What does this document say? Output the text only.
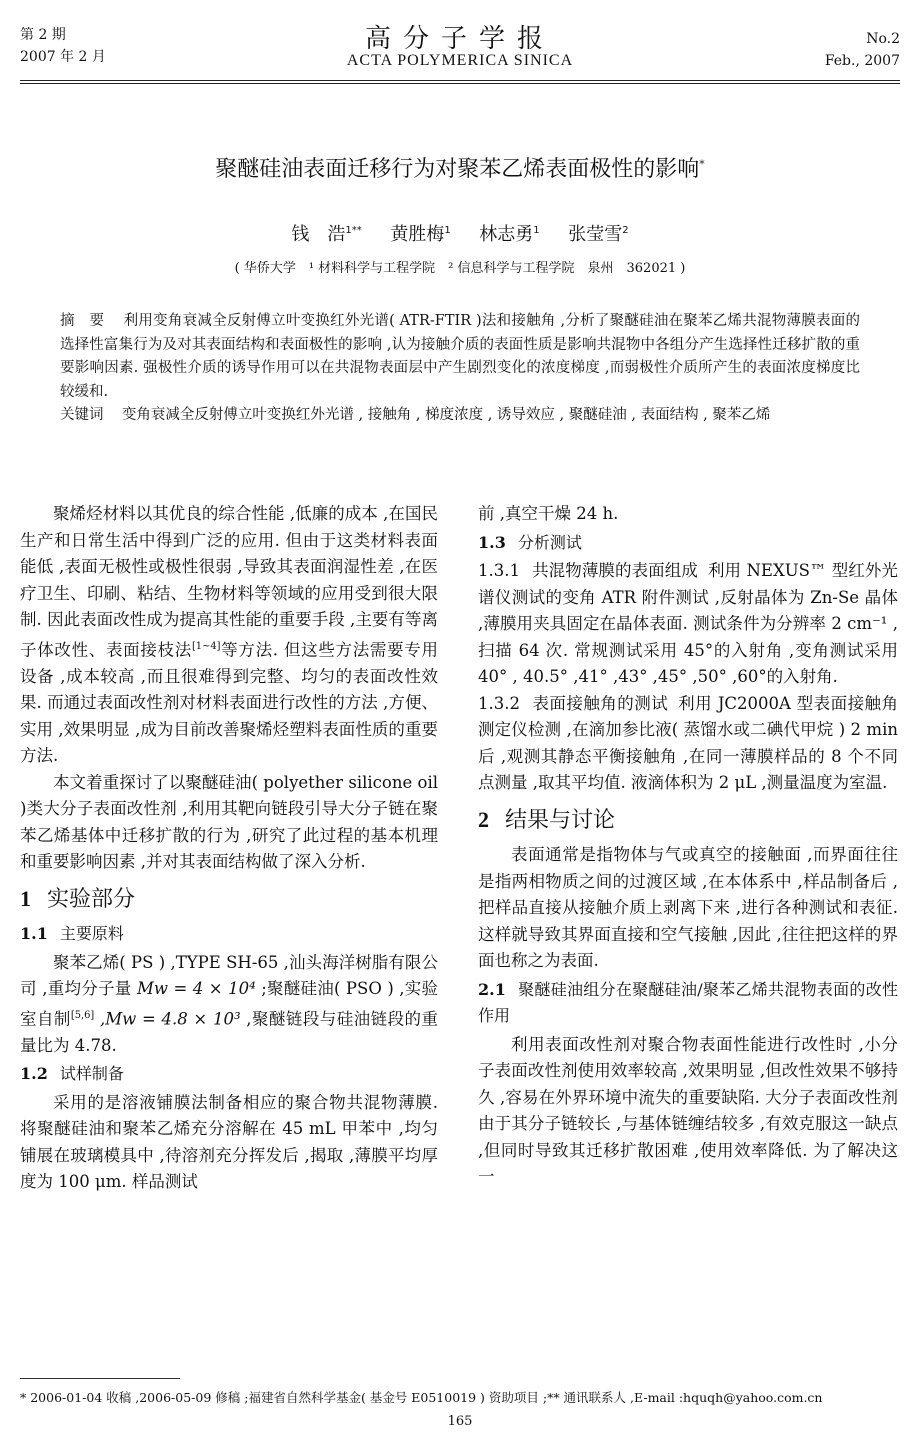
第 2 期
2007 年 2 月
高分子学报
ACTA POLYMERICA SINICA
No.2
Feb., 2007
聚醚硅油表面迁移行为对聚苯乙烯表面极性的影响*
钱　浩$^{1**}$ 黄胜梅$^1$ 林志勇$^1$ 张莹雪$^2$
( 华侨大学　¹ 材料科学与工程学院　² 信息科学与工程学院　泉州　362021 )
摘　要 利用变角衰减全反射傅立叶变换红外光谱( ATR-FTIR )法和接触角 ,分析了聚醚硅油在聚苯乙烯共混物薄膜表面的选择性富集行为及对其表面结构和表面极性的影响 ,认为接触介质的表面性质是影响共混物中各组分产生选择性迁移扩散的重要影响因素. 强极性介质的诱导作用可以在共混物表面层中产生剧烈变化的浓度梯度 ,而弱极性介质所产生的表面浓度梯度比较缓和.
关键词 变角衰减全反射傅立叶变换红外光谱 , 接触角 , 梯度浓度 , 诱导效应 , 聚醚硅油 , 表面结构 , 聚苯乙烯

聚烯烃材料以其优良的综合性能 ,低廉的成本 ,在国民生产和日常生活中得到广泛的应用. 但由于这类材料表面能低 ,表面无极性或极性很弱 ,导致其表面润湿性差 ,在医疗卫生、印刷、粘结、生物材料等领域的应用受到很大限制. 因此表面改性成为提高其性能的重要手段 ,主要有等离子体改性、表面接枝法[1~4]等方法. 但这些方法需要专用设备 ,成本较高 ,而且很难得到完整、均匀的表面改性效果. 而通过表面改性剂对材料表面进行改性的方法 ,方便、实用 ,效果明显 ,成为目前改善聚烯烃塑料表面性质的重要方法.

本文着重探讨了以聚醚硅油( polyether silicone oil )类大分子表面改性剂 ,利用其靶向链段引导大分子链在聚苯乙烯基体中迁移扩散的行为 ,研究了此过程的基本机理和重要影响因素 ,并对其表面结构做了深入分析.

1 实验部分
1.1 主要原料

聚苯乙烯( PS ) ,TYPE SH-65 ,汕头海洋树脂有限公司 ,重均分子量 Mw = 4 × 10⁴ ;聚醚硅油( PSO ) ,实验室自制[5,6] ,Mw = 4.8 × 10³ ,聚醚链段与硅油链段的重量比为 4.78.

1.2 试样制备

采用的是溶液铺膜法制备相应的聚合物共混物薄膜. 将聚醚硅油和聚苯乙烯充分溶解在 45 mL 甲苯中 ,均匀铺展在玻璃模具中 ,待溶剂充分挥发后 ,揭取 ,薄膜平均厚度为 100 μm. 样品测试

前 ,真空干燥 24 h.

1.3 分析测试

1.3.1 共混物薄膜的表面组成 利用 NEXUS™ 型红外光谱仪测试的变角 ATR 附件测试 ,反射晶体为 Zn-Se 晶体 ,薄膜用夹具固定在晶体表面. 测试条件为分辨率 2 cm⁻¹ ,扫描 64 次. 常规测试采用 45°的入射角 ,变角测试采用 40° , 40.5° ,41° ,43° ,45° ,50° ,60°的入射角.

1.3.2 表面接触角的测试 利用 JC2000A 型表面接触角测定仪检测 ,在滴加参比液( 蒸馏水或二碘代甲烷 ) 2 min 后 ,观测其静态平衡接触角 ,在同一薄膜样品的 8 个不同点测量 ,取其平均值. 液滴体积为 2 μL ,测量温度为室温.

2 结果与讨论

表面通常是指物体与气或真空的接触面 ,而界面往往是指两相物质之间的过渡区域 ,在本体系中 ,样品制备后 ,把样品直接从接触介质上剥离下来 ,进行各种测试和表征. 这样就导致其界面直接和空气接触 ,因此 ,往往把这样的界面也称之为表面.

2.1 聚醚硅油组分在聚醚硅油/聚苯乙烯共混物表面的改性作用

利用表面改性剂对聚合物表面性能进行改性时 ,小分子表面改性剂使用效率较高 ,效果明显 ,但改性效果不够持久 ,容易在外界环境中流失的重要缺陷. 大分子表面改性剂由于其分子链较长 ,与基体链缠结较多 ,有效克服这一缺点 ,但同时导致其迁移扩散困难 ,使用效率降低. 为了解决这一

* 2006-01-04 收稿 ,2006-05-09 修稿 ;福建省自然科学基金( 基金号 E0510019 ) 资助项目 ;** 通讯联系人 ,E-mail :hquqh@yahoo.com.cn
165
